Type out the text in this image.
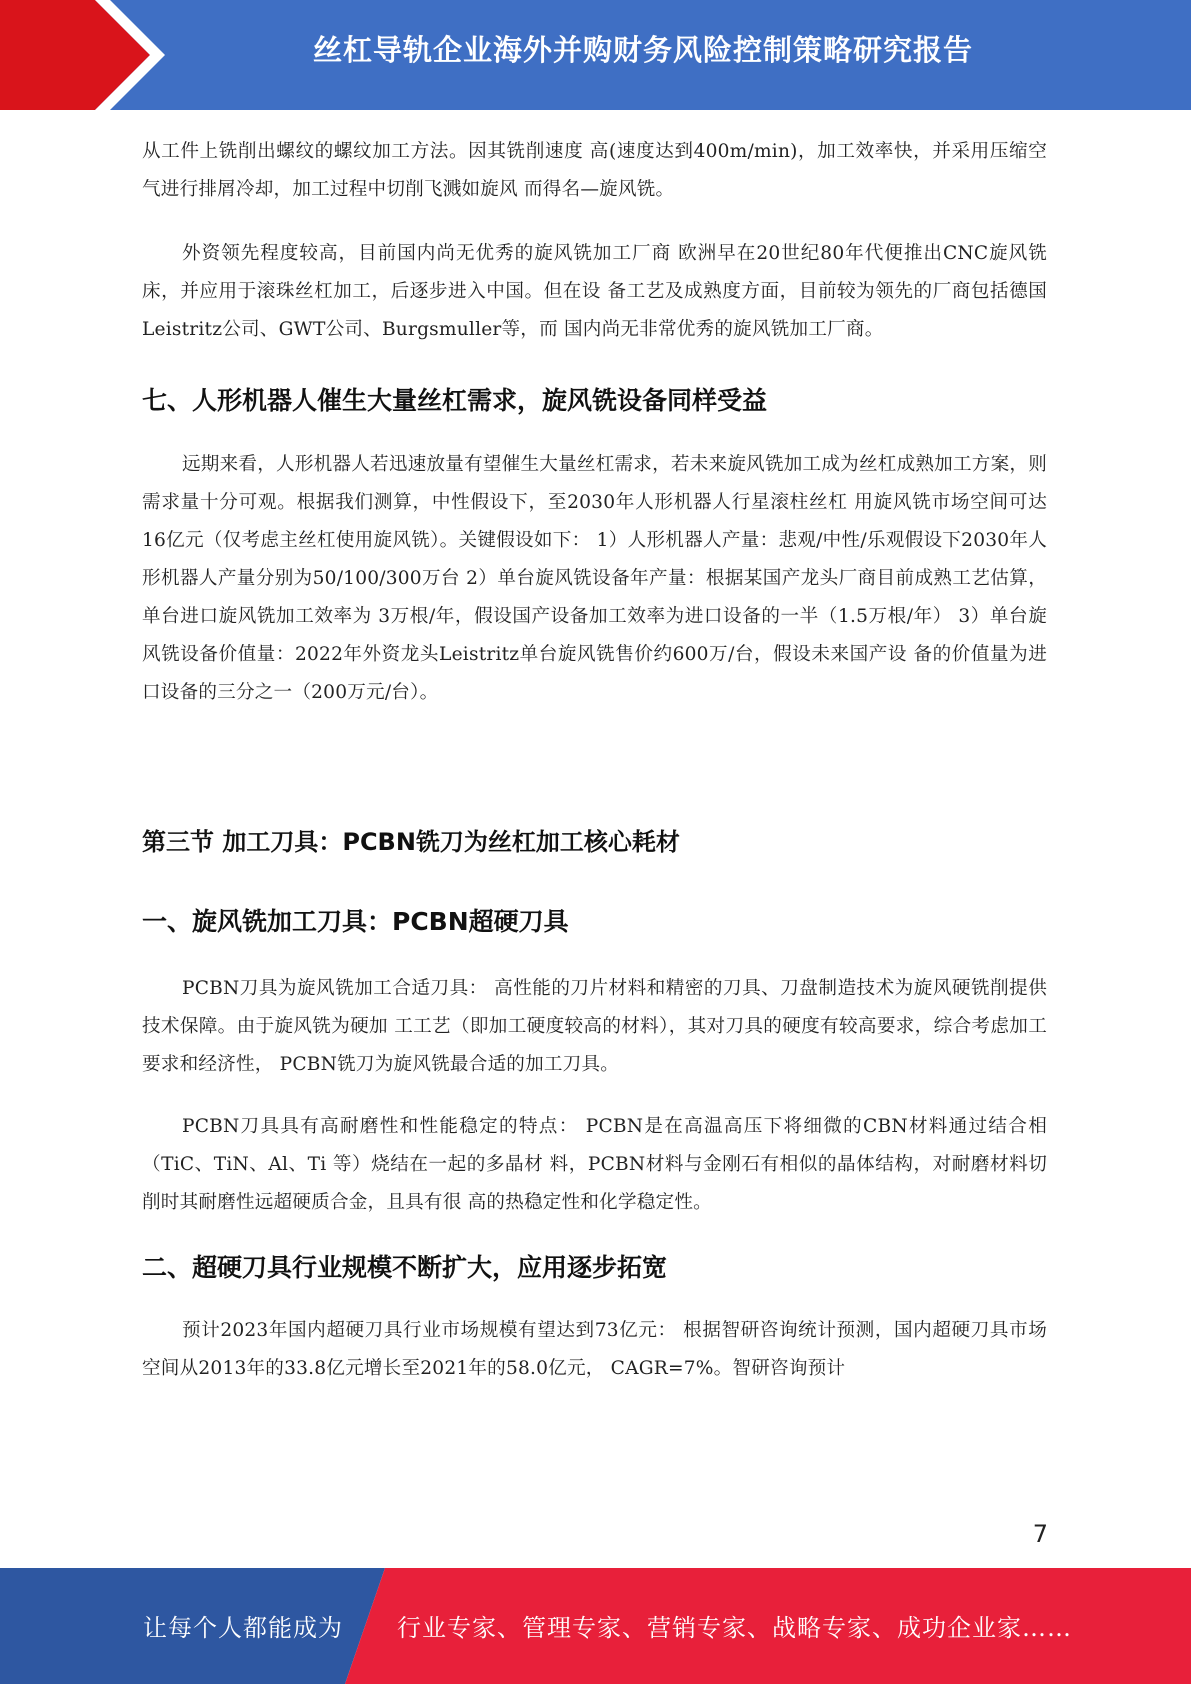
丝杠导轨企业海外并购财务风险控制策略研究报告

从工件上铣削出螺纹的螺纹加工方法。因其铣削速度 高(速度达到400m/min)，加工效率快，并采用压缩空气进行排屑冷却，加工过程中切削飞溅如旋风 而得名—旋风铣。

外资领先程度较高，目前国内尚无优秀的旋风铣加工厂商 欧洲早在20世纪80年代便推出CNC旋风铣床，并应用于滚珠丝杠加工，后逐步进入中国。但在设 备工艺及成熟度方面，目前较为领先的厂商包括德国Leistritz公司、GWT公司、Burgsmuller等，而 国内尚无非常优秀的旋风铣加工厂商。

七、人形机器人催生大量丝杠需求，旋风铣设备同样受益

远期来看，人形机器人若迅速放量有望催生大量丝杠需求，若未来旋风铣加工成为丝杠成熟加工方案，则需求量十分可观。根据我们测算，中性假设下，至2030年人形机器人行星滚柱丝杠 用旋风铣市场空间可达16亿元（仅考虑主丝杠使用旋风铣）。关键假设如下： 1）人形机器人产量：悲观/中性/乐观假设下2030年人形机器人产量分别为50/100/300万台 2）单台旋风铣设备年产量：根据某国产龙头厂商目前成熟工艺估算，单台进口旋风铣加工效率为 3万根/年，假设国产设备加工效率为进口设备的一半（1.5万根/年） 3）单台旋风铣设备价值量：2022年外资龙头Leistritz单台旋风铣售价约600万/台，假设未来国产设 备的价值量为进口设备的三分之一（200万元/台）。

第三节 加工刀具：PCBN铣刀为丝杠加工核心耗材
一、旋风铣加工刀具：PCBN超硬刀具

PCBN刀具为旋风铣加工合适刀具： 高性能的刀片材料和精密的刀具、刀盘制造技术为旋风硬铣削提供技术保障。由于旋风铣为硬加 工工艺（即加工硬度较高的材料），其对刀具的硬度有较高要求，综合考虑加工要求和经济性， PCBN铣刀为旋风铣最合适的加工刀具。

PCBN刀具具有高耐磨性和性能稳定的特点： PCBN是在高温高压下将细微的CBN材料通过结合相（TiC、TiN、Al、Ti 等）烧结在一起的多晶材 料，PCBN材料与金刚石有相似的晶体结构，对耐磨材料切削时其耐磨性远超硬质合金，且具有很 高的热稳定性和化学稳定性。

二、超硬刀具行业规模不断扩大，应用逐步拓宽

预计2023年国内超硬刀具行业市场规模有望达到73亿元： 根据智研咨询统计预测，国内超硬刀具市场空间从2013年的33.8亿元增长至2021年的58.0亿元， CAGR=7%。智研咨询预计

7
让每个人都能成为 行业专家、管理专家、营销专家、战略专家、成功企业家……
